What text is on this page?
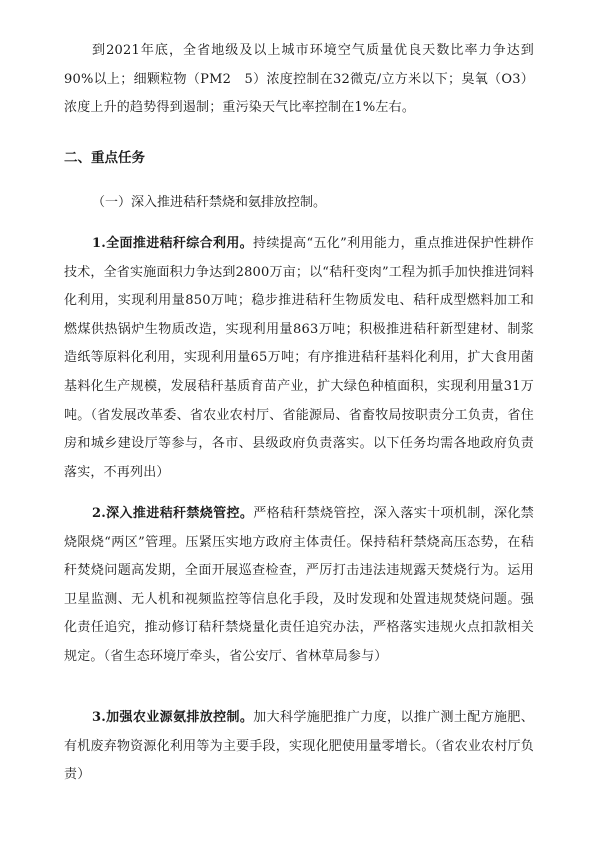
到2021年底，全省地级及以上城市环境空气质量优良天数比率力争达到90%以上；细颗粒物（PM2　5）浓度控制在32微克/立方米以下；臭氧（O3）浓度上升的趋势得到遏制；重污染天气比率控制在1%左右。

二、重点任务

（一）深入推进秸秆禁烧和氨排放控制。

1.全面推进秸秆综合利用。持续提高“五化”利用能力，重点推进保护性耕作技术，全省实施面积力争达到2800万亩；以“秸秆变肉”工程为抓手加快推进饲料化利用，实现利用量850万吨；稳步推进秸秆生物质发电、秸秆成型燃料加工和燃煤供热锅炉生物质改造，实现利用量863万吨；积极推进秸秆新型建材、制浆造纸等原料化利用，实现利用量65万吨；有序推进秸秆基料化利用，扩大食用菌基料化生产规模，发展秸秆基质育苗产业，扩大绿色种植面积，实现利用量31万吨。（省发展改革委、省农业农村厅、省能源局、省畜牧局按职责分工负责，省住房和城乡建设厅等参与，各市、县级政府负责落实。以下任务均需各地政府负责落实，不再列出）

2.深入推进秸秆禁烧管控。严格秸秆禁烧管控，深入落实十项机制，深化禁烧限烧“两区”管理。压紧压实地方政府主体责任。保持秸秆禁烧高压态势，在秸秆焚烧问题高发期，全面开展巡查检查，严厉打击违法违规露天焚烧行为。运用卫星监测、无人机和视频监控等信息化手段，及时发现和处置违规焚烧问题。强化责任追究，推动修订秸秆禁烧量化责任追究办法，严格落实违规火点扣款相关规定。（省生态环境厅牵头，省公安厅、省林草局参与）

3.加强农业源氨排放控制。加大科学施肥推广力度，以推广测土配方施肥、有机废弃物资源化利用等为主要手段，实现化肥使用量零增长。（省农业农村厅负责）
